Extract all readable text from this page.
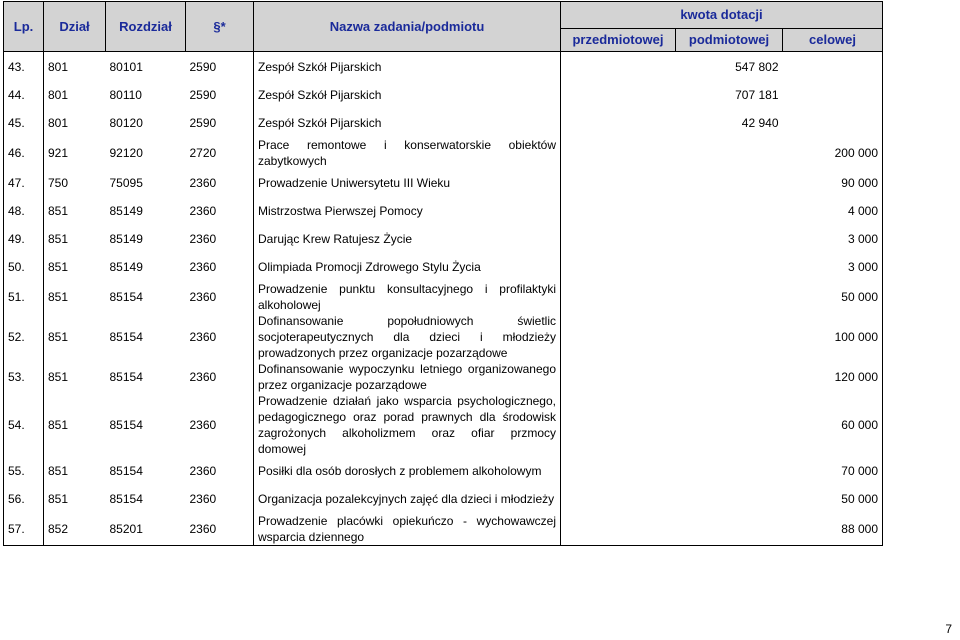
Lp.	Dział	Rozdział	§*	Nazwa zadania/podmiotu	kwota dotacji		
					przedmiotowej	podmiotowej	celowej
43.	801	80101	2590	Zespół Szkół Pijarskich		547 802	
44.	801	80110	2590	Zespół Szkół Pijarskich		707 181	
45.	801	80120	2590	Zespół Szkół Pijarskich		42 940	
46.	921	92120	2720	Prace remontowe i konserwatorskie obiektów zabytkowych			200 000
47.	750	75095	2360	Prowadzenie Uniwersytetu III Wieku			90 000
48.	851	85149	2360	Mistrzostwa Pierwszej Pomocy			4 000
49.	851	85149	2360	Darując Krew Ratujesz Życie			3 000
50.	851	85149	2360	Olimpiada Promocji Zdrowego Stylu Życia			3 000
51.	851	85154	2360	Prowadzenie punktu konsultacyjnego i profilaktyki alkoholowej			50 000
52.	851	85154	2360	Dofinansowanie popołudniowych świetlic socjoterapeutycznych dla dzieci i młodzieży prowadzonych przez organizacje pozarządowe			100 000
53.	851	85154	2360	Dofinansowanie wypoczynku letniego organizowanego przez organizacje pozarządowe			120 000
54.	851	85154	2360	Prowadzenie działań jako wsparcia psychologicznego, pedagogicznego oraz porad prawnych dla środowisk zagrożonych alkoholizmem oraz ofiar przmocy domowej			60 000
55.	851	85154	2360	Posiłki dla osób dorosłych z problemem alkoholowym			70 000
56.	851	85154	2360	Organizacja pozalekcyjnych zajęć dla dzieci i młodzieży			50 000
57.	852	85201	2360	Prowadzenie placówki opiekuńczo - wychowawczej wsparcia dziennego			88 000
7
